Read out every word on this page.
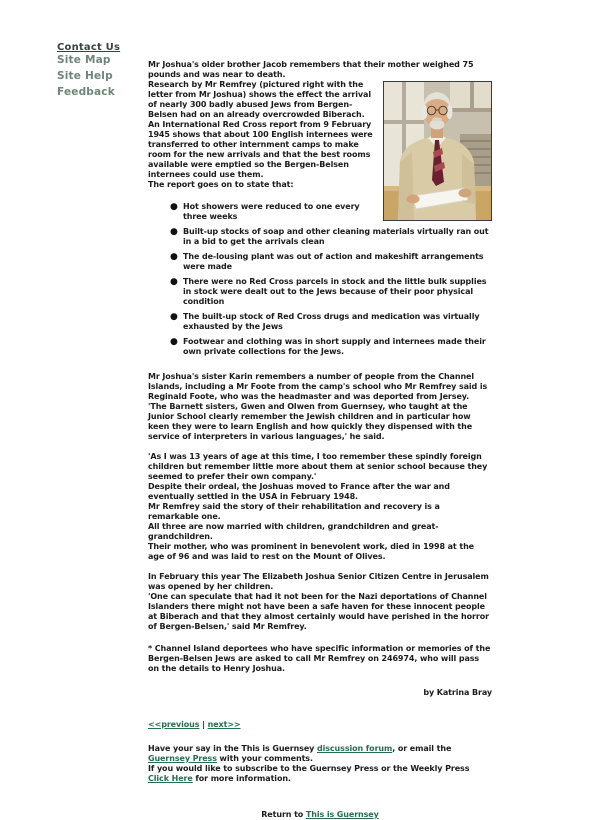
Contact Us
Site Map
Site Help
Feedback
Mr Joshua's older brother Jacob remembers that their mother weighed 75 pounds and was near to death.
Research by Mr Remfrey (pictured right with the letter from Mr Joshua) shows the effect the arrival of nearly 300 badly abused Jews from Bergen-Belsen had on an already overcrowded Biberach.
An International Red Cross report from 9 February 1945 shows that about 100 English internees were transferred to other internment camps to make room for the new arrivals and that the best rooms available were emptied so the Bergen-Belsen internees could use them.
The report goes on to state that:
● Hot showers were reduced to one every three weeks
● Built-up stocks of soap and other cleaning materials virtually ran out in a bid to get the arrivals clean
● The de-lousing plant was out of action and makeshift arrangements were made
● There were no Red Cross parcels in stock and the little bulk supplies in stock were dealt out to the Jews because of their poor physical condition
● The built-up stock of Red Cross drugs and medication was virtually exhausted by the Jews
● Footwear and clothing was in short supply and internees made their own private collections for the Jews.
Mr Joshua's sister Karin remembers a number of people from the Channel Islands, including a Mr Foote from the camp's school who Mr Remfrey said is Reginald Foote, who was the headmaster and was deported from Jersey.
'The Barnett sisters, Gwen and Olwen from Guernsey, who taught at the Junior School clearly remember the Jewish children and in particular how keen they were to learn English and how quickly they dispensed with the service of interpreters in various languages,' he said.
'As I was 13 years of age at this time, I too remember these spindly foreign children but remember little more about them at senior school because they seemed to prefer their own company.'
Despite their ordeal, the Joshuas moved to France after the war and eventually settled in the USA in February 1948.
Mr Remfrey said the story of their rehabilitation and recovery is a remarkable one.
All three are now married with children, grandchildren and great-grandchildren.
Their mother, who was prominent in benevolent work, died in 1998 at the age of 96 and was laid to rest on the Mount of Olives.
In February this year The Elizabeth Joshua Senior Citizen Centre in Jerusalem was opened by her children.
'One can speculate that had it not been for the Nazi deportations of Channel Islanders there might not have been a safe haven for these innocent people at Biberach and that they almost certainly would have perished in the horror of Bergen-Belsen,' said Mr Remfrey.
* Channel Island deportees who have specific information or memories of the Bergen-Belsen Jews are asked to call Mr Remfrey on 246974, who will pass on the details to Henry Joshua.
by Katrina Bray
<<previous | next>>
Have your say in the This is Guernsey discussion forum, or email the Guernsey Press with your comments.
If you would like to subscribe to the Guernsey Press or the Weekly Press Click Here for more information.
Return to This is Guernsey
